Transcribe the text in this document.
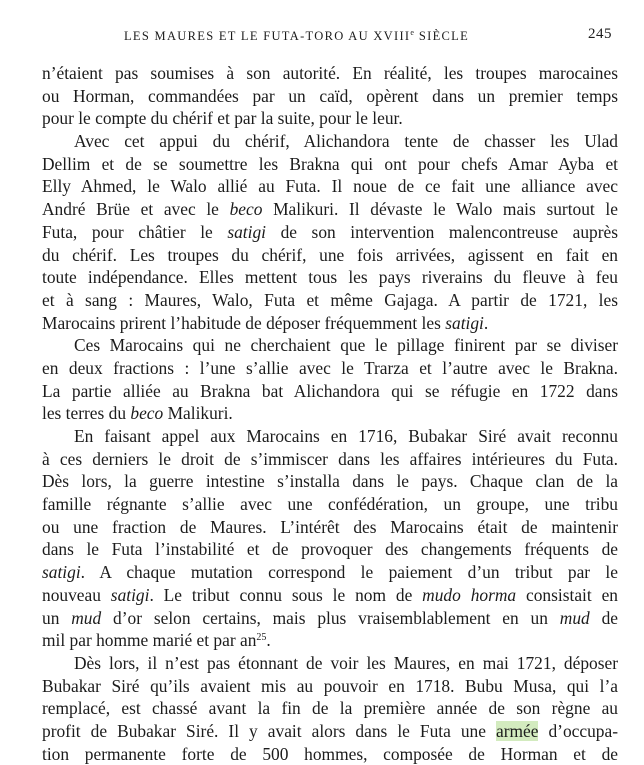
LES MAURES ET LE FUTA-TORO AU XVIIIe SIÈCLE	245
n’étaient pas soumises à son autorité. En réalité, les troupes marocaines
ou Horman, commandées par un caïd, opèrent dans un premier temps
pour le compte du chérif et par la suite, pour le leur.
Avec cet appui du chérif, Alichandora tente de chasser les Ulad
Dellim et de se soumettre les Brakna qui ont pour chefs Amar Ayba et
Elly Ahmed, le Walo allié au Futa. Il noue de ce fait une alliance avec
André Brüe et avec le beco Malikuri. Il dévaste le Walo mais surtout le
Futa, pour châtier le satigi de son intervention malencontreuse auprès
du chérif. Les troupes du chérif, une fois arrivées, agissent en fait en
toute indépendance. Elles mettent tous les pays riverains du fleuve à feu
et à sang : Maures, Walo, Futa et même Gajaga. A partir de 1721, les
Marocains prirent l’habitude de déposer fréquemment les satigi.
Ces Marocains qui ne cherchaient que le pillage finirent par se diviser
en deux fractions : l’une s’allie avec le Trarza et l’autre avec le Brakna.
La partie alliée au Brakna bat Alichandora qui se réfugie en 1722 dans
les terres du beco Malikuri.
En faisant appel aux Marocains en 1716, Bubakar Siré avait reconnu
à ces derniers le droit de s’immiscer dans les affaires intérieures du Futa.
Dès lors, la guerre intestine s’installa dans le pays. Chaque clan de la
famille régnante s’allie avec une confédération, un groupe, une tribu
ou une fraction de Maures. L’intérêt des Marocains était de maintenir
dans le Futa l’instabilité et de provoquer des changements fréquents de
satigi. A chaque mutation correspond le paiement d’un tribut par le
nouveau satigi. Le tribut connu sous le nom de mudo horma consistait en
un mud d’or selon certains, mais plus vraisemblablement en un mud de
mil par homme marié et par an$^{25}$.
Dès lors, il n’est pas étonnant de voir les Maures, en mai 1721, déposer
Bubakar Siré qu’ils avaient mis au pouvoir en 1718. Bubu Musa, qui l’a
remplacé, est chassé avant la fin de la première année de son règne au
profit de Bubakar Siré. Il y avait alors dans le Futa une armée d’occupa-
tion permanente forte de 500 hommes, composée de Horman et de
